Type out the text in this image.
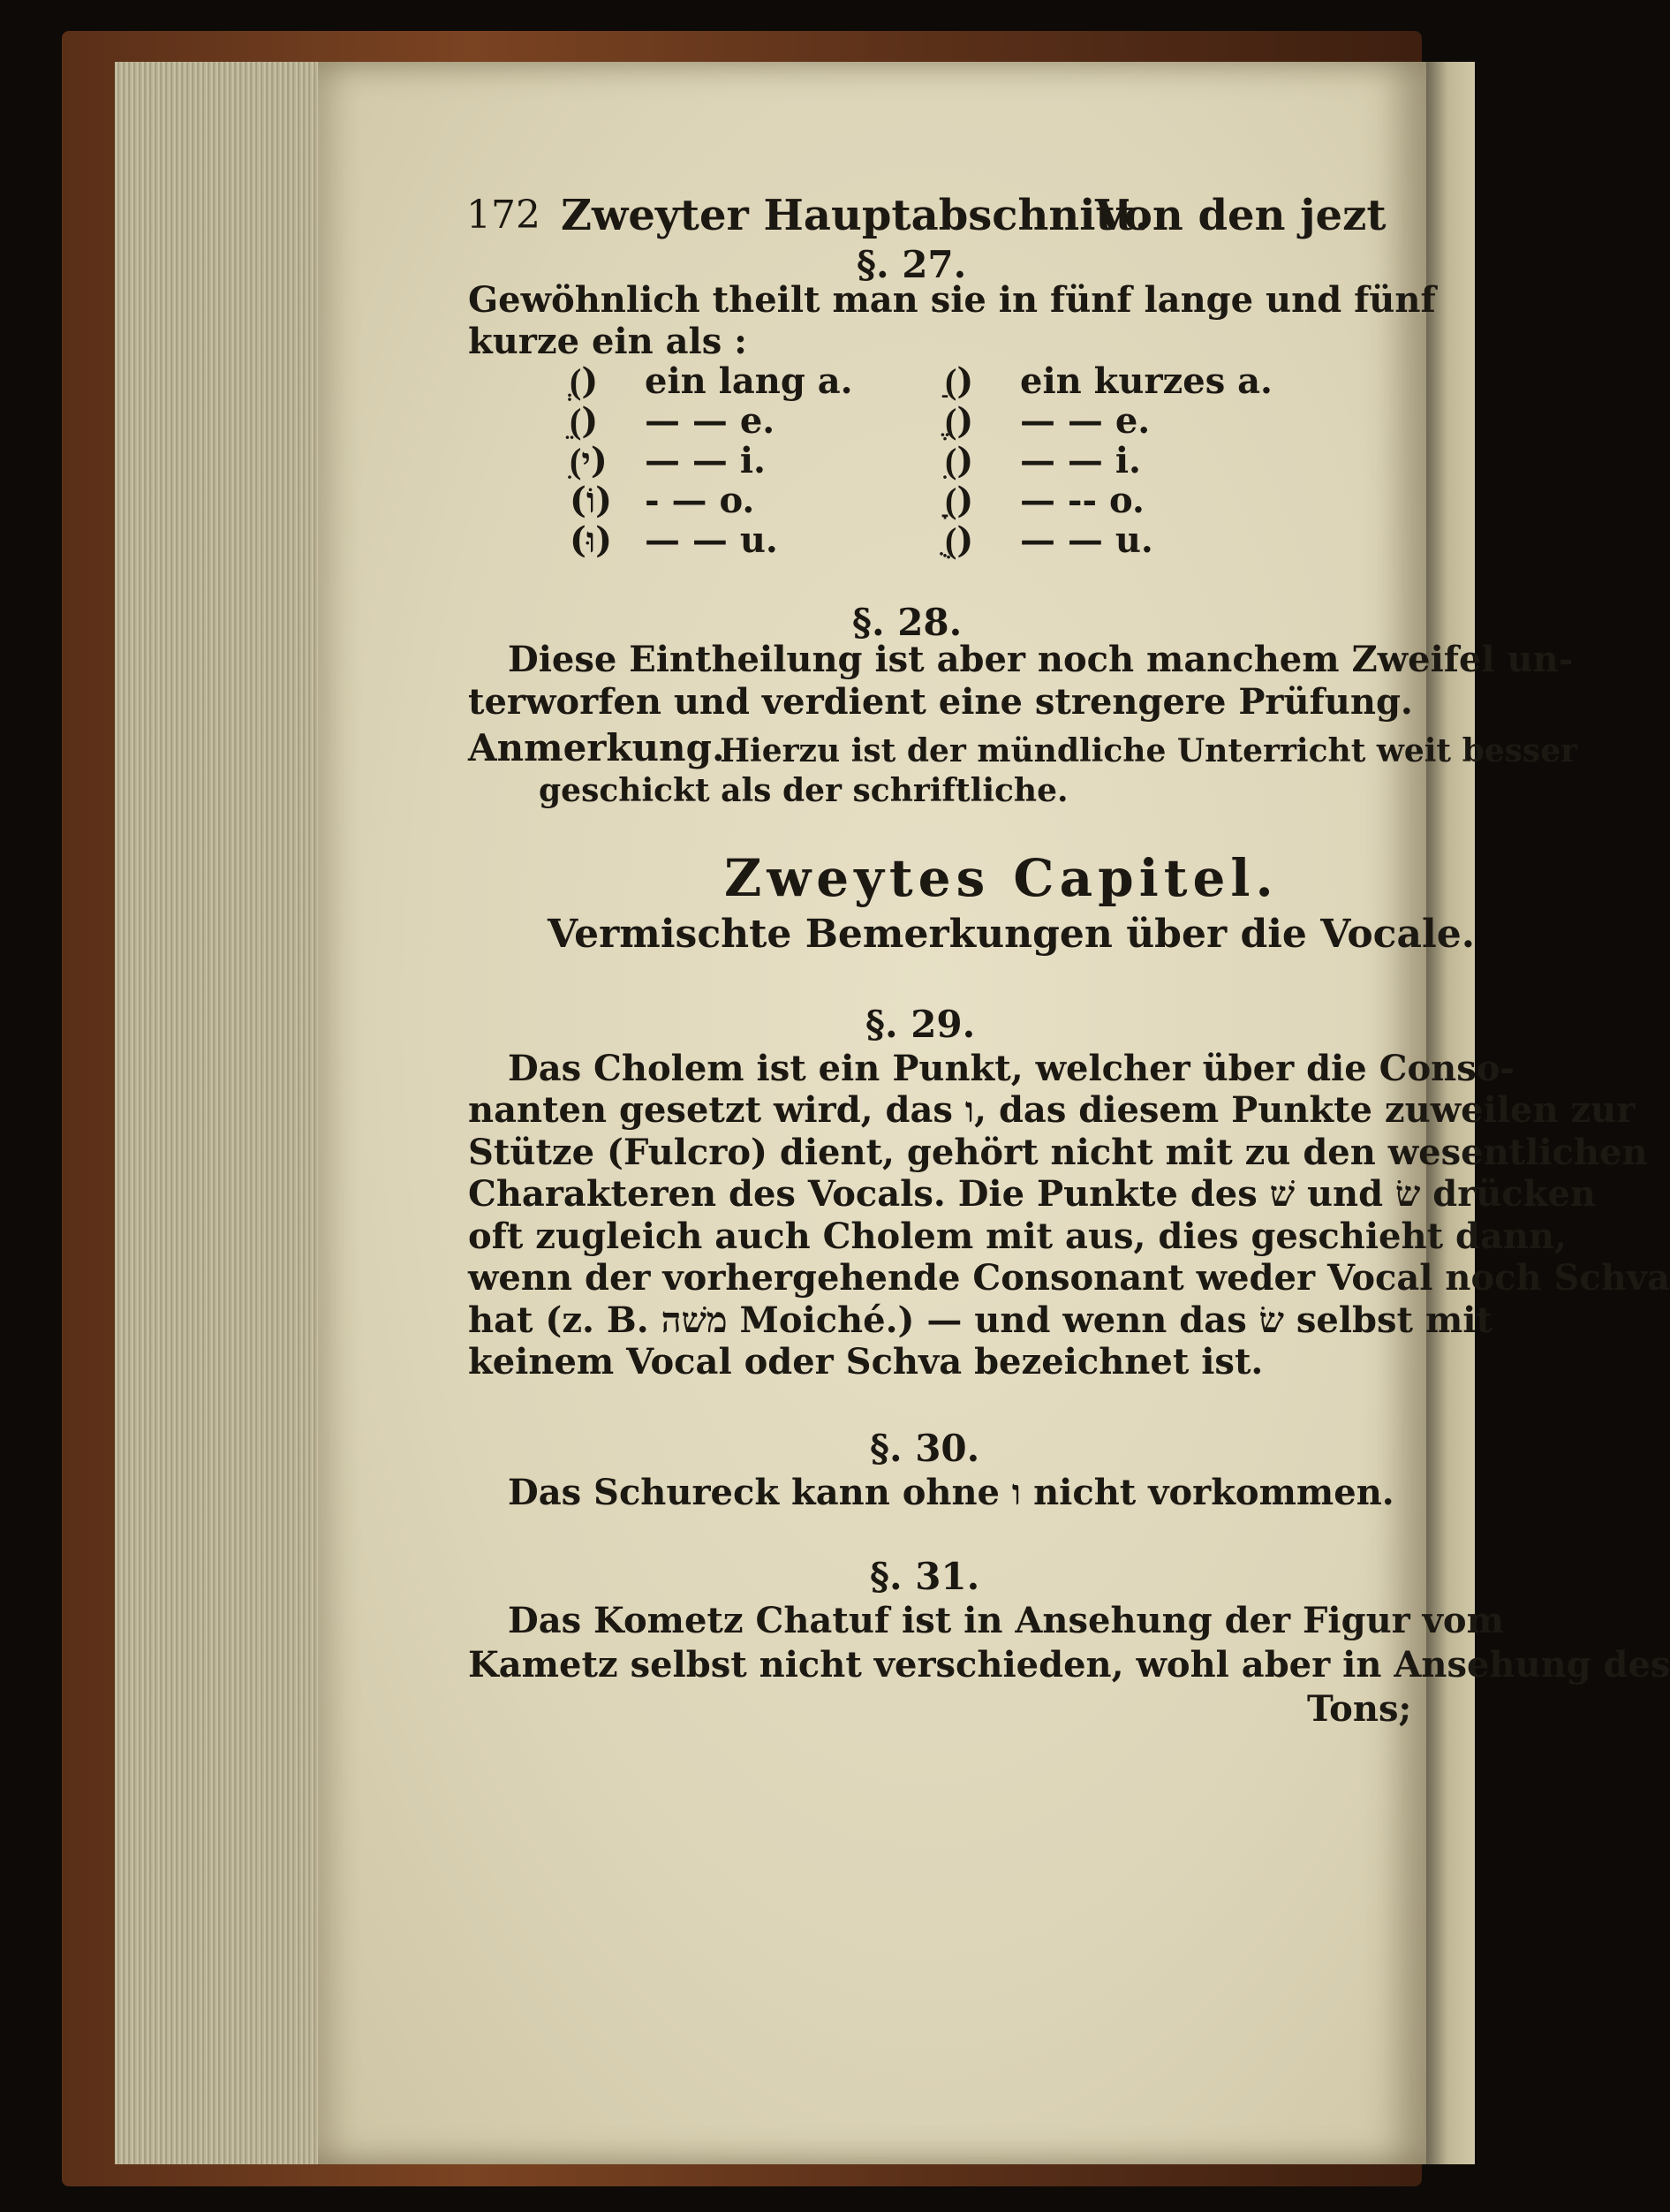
172 Zweyter Hauptabschnitt.
Von den jezt
§. 27.
Gewöhnlich theilt man sie in fünf lange und fünf
kurze ein als :
(ְ) ein lang a.	(ַ) ein kurzes a.
(ֵ) — — e.	(ֶ) — — e.
(ִי) — — i.	(ִ) — — i.
(וֹ) - — o.	(ָ) — -- o.
(וּ) — — u.	(ֻ) — — u.
§. 28.
Diese Eintheilung ist aber noch manchem Zweifel un-
terworfen und verdient eine strengere Prüfung.
Anmerkung.
Hierzu ist der mündliche Unterricht weit besser
geschickt als der schriftliche.
Zweytes Capitel.
Vermischte Bemerkungen über die Vocale.
§. 29.
Das Cholem ist ein Punkt, welcher über die Conso-
nanten gesetzt wird, das ו, das diesem Punkte zuweilen zur
Stütze (Fulcro) dient, gehört nicht mit zu den wesentlichen
Charakteren des Vocals. Die Punkte des שׁ und שׂ drücken
oft zugleich auch Cholem mit aus, dies geschieht dann,
wenn der vorhergehende Consonant weder Vocal noch Schva
hat (z. B. משׁה Moiché.) — und wenn das שׂ selbst mit
keinem Vocal oder Schva bezeichnet ist.
§. 30.
Das Schureck kann ohne ו nicht vorkommen.
§. 31.
Das Kometz Chatuf ist in Ansehung der Figur vom
Kametz selbst nicht verschieden, wohl aber in Ansehung des
Tons;
